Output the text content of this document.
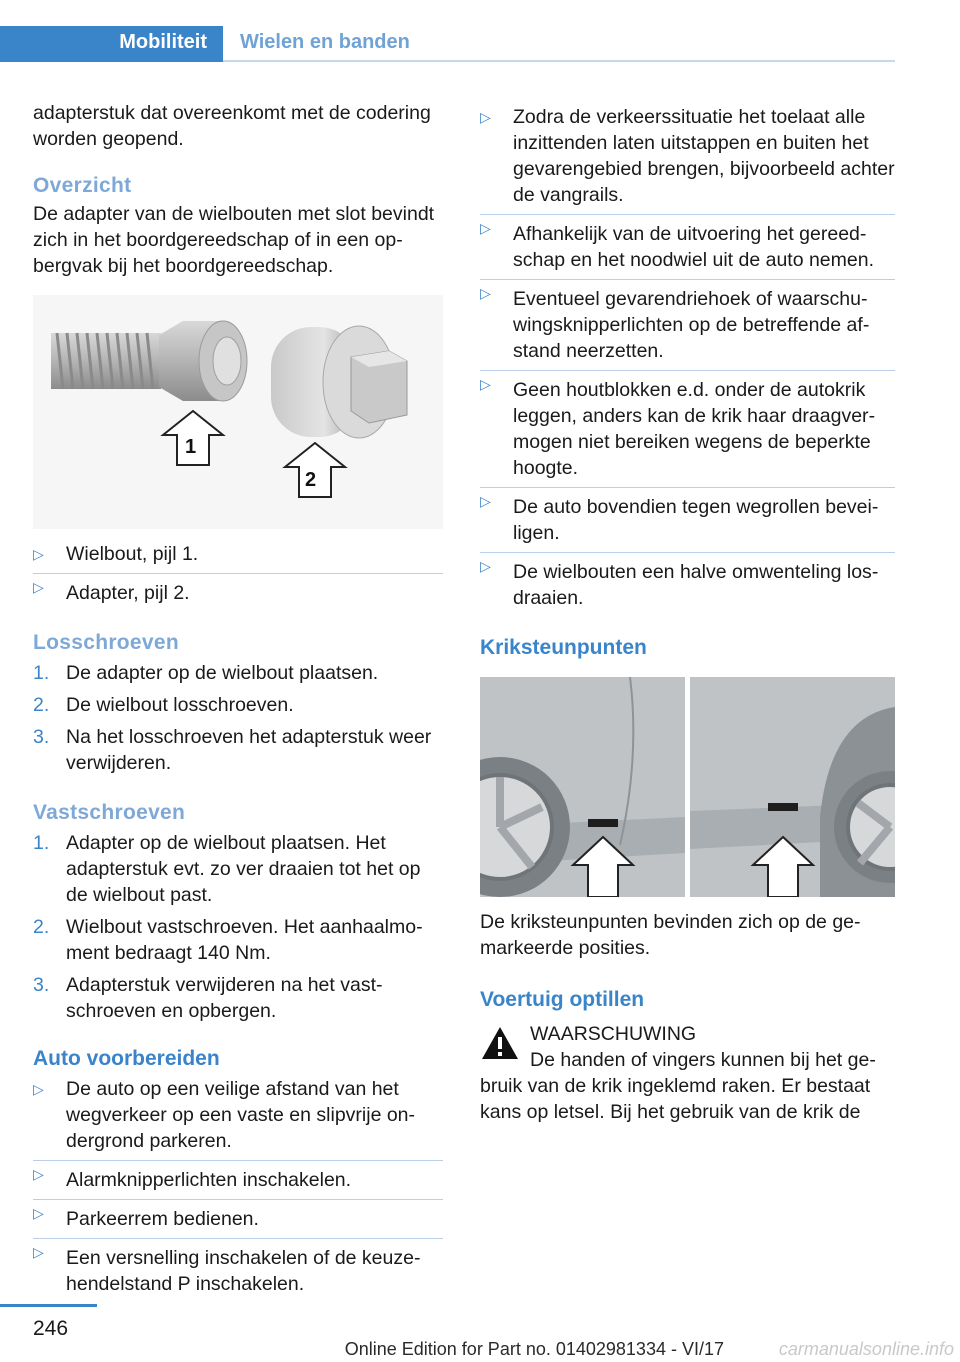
Mobiliteit	Wielen en banden

adapterstuk dat overeenkomt met de codering worden geopend.

Overzicht

De adapter van de wielbouten met slot bevindt zich in het boordgereedschap of in een opbergvak bij het boordgereedschap.

1
2
▷ Wielbout, pijl 1.
▷ Adapter, pijl 2.
Losschroeven
1. De adapter op de wielbout plaatsen.
2. De wielbout losschroeven.
3. Na het losschroeven het adapterstuk weer verwijderen.
Vastschroeven
1. Adapter op de wielbout plaatsen. Het adapterstuk evt. zo ver draaien tot het op de wielbout past.
2. Wielbout vastschroeven. Het aanhaalmoment bedraagt 140 Nm.
3. Adapterstuk verwijderen na het vastschroeven en opbergen.
Auto voorbereiden
▷ De auto op een veilige afstand van het wegverkeer op een vaste en slipvrije ondergrond parkeren.
▷ Alarmknipperlichten inschakelen.
▷ Parkeerrem bedienen.
▷ Een versnelling inschakelen of de keuzehendelstand P inschakelen.
▷ Zodra de verkeerssituatie het toelaat alle inzittenden laten uitstappen en buiten het gevarengebied brengen, bijvoorbeeld achter de vangrails.
▷ Afhankelijk van de uitvoering het gereedschap en het noodwiel uit de auto nemen.
▷ Eventueel gevarendriehoek of waarschuwingsknipperlichten op de betreffende afstand neerzetten.
▷ Geen houtblokken e.d. onder de autokrik leggen, anders kan de krik haar draagvermogen niet bereiken wegens de beperkte hoogte.
▷ De auto bovendien tegen wegrollen beveiligen.
▷ De wielbouten een halve omwenteling losdraaien.
Kriksteunpunten

De kriksteunpunten bevinden zich op de gemarkeerde posities.

Voertuig optillen
WAARSCHUWING
De handen of vingers kunnen bij het gebruik van de krik ingeklemd raken. Er bestaat kans op letsel. Bij het gebruik van de krik de
246
Online Edition for Part no. 01402981334 - VI/17	carmanualsonline.info
